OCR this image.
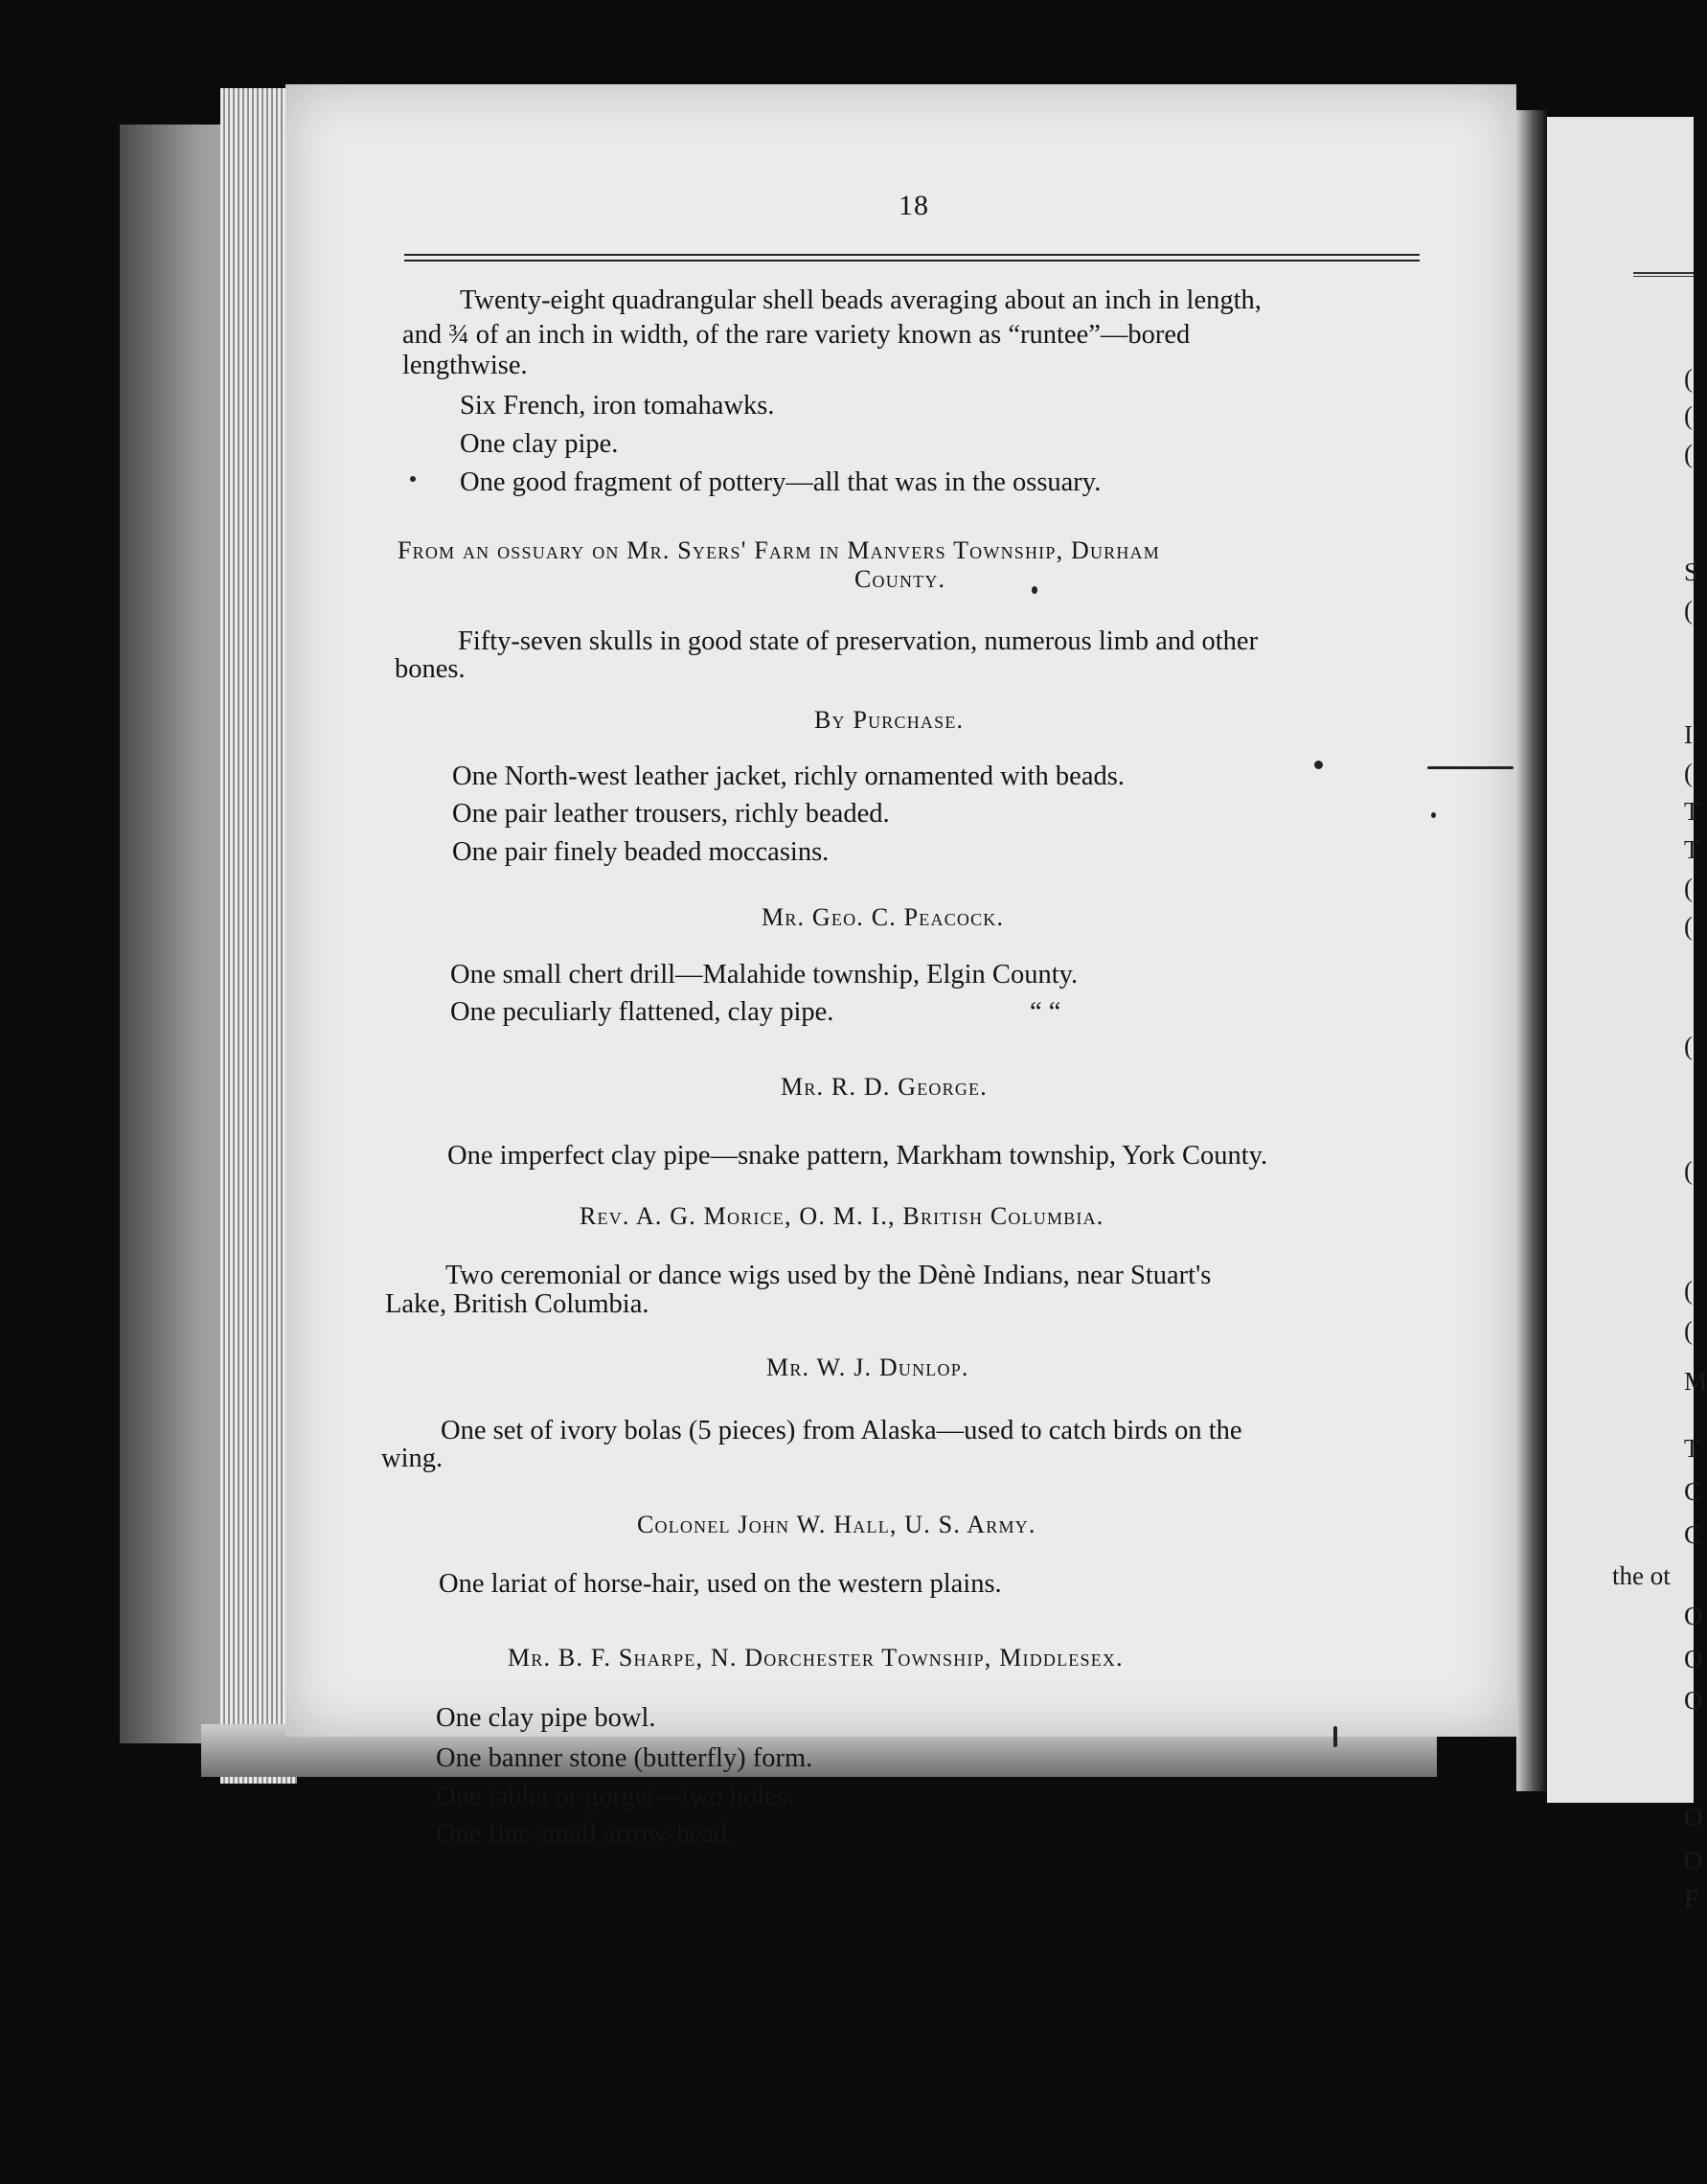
(
(
(
S
(
I
(
T
T
(
(
(
(
(
(
M
T
C
C
the ot
O
O
O
O
O
F

18

Twenty-eight quadrangular shell beads averaging about an inch in length,

and ¾ of an inch in width, of the rare variety known as “runtee”—bored

lengthwise.

Six French, iron tomahawks.

One clay pipe.

One good fragment of pottery—all that was in the ossuary.

From an ossuary on Mr. Syers' Farm in Manvers Township, Durham

County.

Fifty-seven skulls in good state of preservation, numerous limb and other

bones.

By Purchase.

One North-west leather jacket, richly ornamented with beads.

One pair leather trousers, richly beaded.

One pair finely beaded moccasins.

Mr. Geo. C. Peacock.

One small chert drill—Malahide township, Elgin County.

One peculiarly flattened, clay pipe.	“ “

Mr. R. D. George.

One imperfect clay pipe—snake pattern, Markham township, York County.

Rev. A. G. Morice, O. M. I., British Columbia.

Two ceremonial or dance wigs used by the Dènè Indians, near Stuart's

Lake, British Columbia.

Mr. W. J. Dunlop.

One set of ivory bolas (5 pieces) from Alaska—used to catch birds on the

wing.

Colonel John W. Hall, U. S. Army.

One lariat of horse-hair, used on the western plains.

Mr. B. F. Sharpe, N. Dorchester Township, Middlesex.

One clay pipe bowl.

One banner stone (butterfly) form.

One tablet or gorget—two holes.

One fine small arrow-head.
